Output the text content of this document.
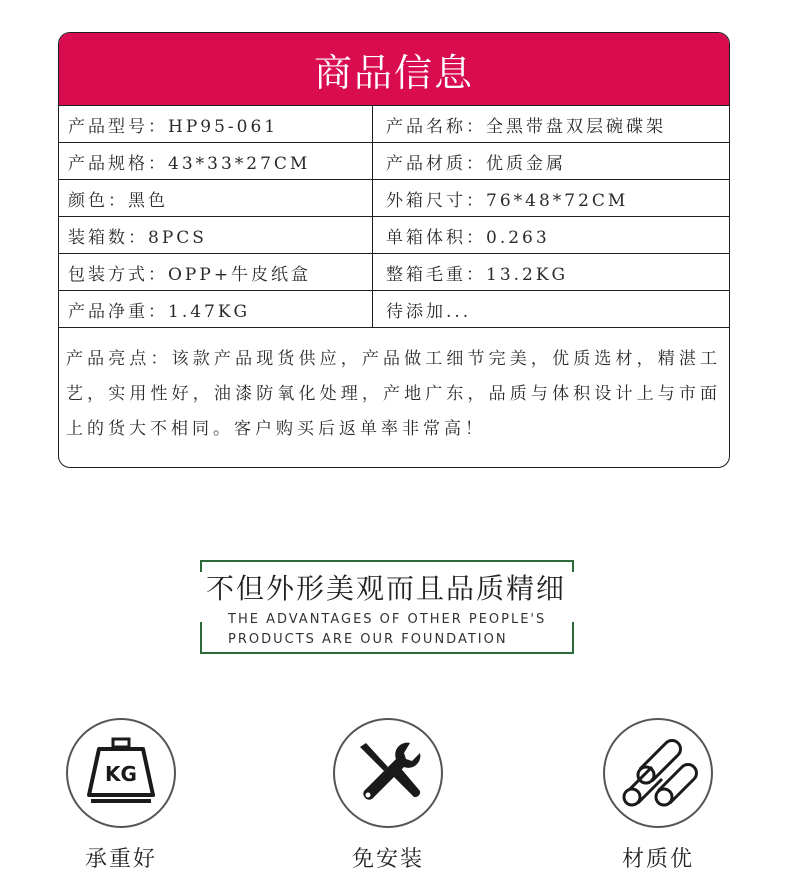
商品信息
产品型号：HP95-061	产品名称：全黑带盘双层碗碟架
产品规格：43*33*27CM	产品材质：优质金属
颜色：黑色	外箱尺寸：76*48*72CM
装箱数：8PCS	单箱体积：0.263
包装方式：OPP+牛皮纸盒	整箱毛重：13.2KG
产品净重：1.47KG	待添加...
产品亮点：该款产品现货供应，产品做工细节完美，优质选材，精湛工艺，实用性好，油漆防氧化处理，产地广东，品质与体积设计上与市面上的货大不相同。客户购买后返单率非常高！
不但外形美观而且品质精细
THE ADVANTAGES OF OTHER PEOPLE'S
PRODUCTS ARE OUR FOUNDATION
KG
承重好	免安装	材质优
